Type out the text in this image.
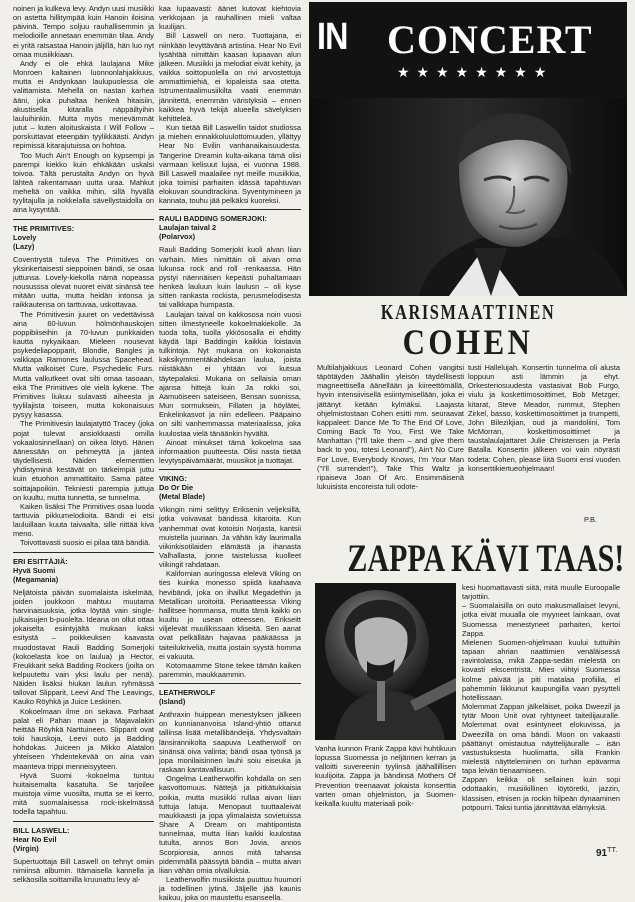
noinen ja kulkeva levy. Andyn uusi musiikki on astetta hillitympää kuin Hanoin iloisina päivinä. Tempo soljuu rauhallisemmin ja melodioille annetaan enemmän tilaa. Andy ei yritä ratsastaa Hanoin jäljillä, hän luo nyt omaa musiikkiaan.

Andy ei ole ehkä laulajana Mike Monroen kaltainen luonnonlahjakkuus, mutta ei Andynkaan laulupuolessa ole valittamista. Mehellä on nastan karhea ääni, joka puhaltaa henkeä hitaisiin, akustisella kitaralla näppäiltyihin lauluihinkin. Mutta myös menevämmät jutut – kuten aloituskaista I Will Follow – porskuttavat eteenpäin tyylikkäästi. Andyn repimissä kitarajutuissa on hohtoa.

Too Much Ain't Enough on kypsempi ja parempi kiekko kuin ehkäkään uskalsi toivoa. Tältä perustalta Andyn on hyvä lähteä rakentamaan uutta uraa. Mahkut meheltä on vaikka mihin, sillä hyvällä tyylitajulla ja nokkelalla sävellystaidolla on aina kysyntää.

THE PRIMITIVES:
Lovely
(Lazy)

Coventrystä tuleva The Primitives on yksinkertaisesti sieppoinen bändi, se osaa juttunsa. Lovely-kiekolla nämä nopeassa noususssa olevat nuoret eivät sinänsä tee mitään uutta, mutta heidän intonsa ja raikkautensa on tarttuvaa, uskottavaa.

The Primitivesin juuret on vedettävissä aina 60-luvun hölmönhauskojen poppibiiseihin ja 70-luvun punkkaiden kautta nykyaikaan. Mieleen nousevat psykedeliapopparit, Blondie, Bangles ja valkkapa Ramones laulussa Spacehead. Mutta valkoiset Cure, Psychedelic Furs. Mutta valkutkeet ovat silti omaa tasoaan, eikä The Primitives ole vielä kykene. The Primitives liukuu sulavasti aiheesta ja tyylilajista toiseen, mutta kokonaisuus pysyy kasassa.

The Primitivesin laulajatyttö Tracey (joka pojat tulevat ansiokkaasti omilla vokaalosinnellaan) on oikea lötyö. Hänen äänessään on pehmeyttä ja jänteä täydellisesti. Näiden elementtien yhdistyminä kestävät on tärkeimpiä juttu kuin etuohon ammattitaito. Sama pätee soittajapoikiin. Tekniesti parempia juttuja on kuultu, mutta tunnetta, se tunnelma.

Kaiken lisäksi The Primitives osaa luoda tarttuvia pikkumelodioita. Bändi ei etsi lauluillaan kuuta taivaalta, sille riittää kiva meno.

Toivottavasti suosio ei pilaa tätä bändiä.

ERI ESITTÄJIÄ:
Hyvä Suomi
(Megamania)

Neljätoista päivän suomalaista iskelmää, joiden joukkoon mahtuu muutama harvinaisuuksia, jotka löytää vain single-julkaisujen b-puolelta. Ideana on ollut ottaa jokaiselta esiintyjältä mukaan kaksi esitystä – poikkeuksen kaavasta muodostavat Rauli Badding Somerjoki (kokoelasta koe on laulua) ja Hector, Freukkarit sekä Badding Rockers (joilta on kelpuutettu vain yksi laulu per nenä). Näiden lisäksi hiukan laulun ryhmässä tallovat Slipparit, Leevi And The Leavings, Kauko Röyhkä ja Juice Leskinen.

Kokoelmaan ilme on sekava. Parhaat palat eli Pahan maan ja Majavalakin heittää Röyhkä Narttuineen. Slipparit ovat toki hauskoja, Leevi outo ja Badding hohdokas. Juiceen ja Mikko Alatalon yhteiseen Yhdentekevää on aina vain maanteva trippi menneisyyteen.

Hyvä Suomi -kokoelma tuntuu huitaisemalta kasatulta. Se tarjoilee muistoja viime vuosilta, mutta se ei kerro, mitä suomalaisessa rock-iskelmässä todella tapahtuu.

BILL LASWELL:
Hear No Evil
(Virgin)

Supertuottaja Bill Laswell on tehnyt omiin nimiinsä albumin. Itämaisella kannella ja selkäosilla soittamilla kruunattu levy al-

kaa lupaavasti: äänet kutovat kiehtovia verkkojaan ja rauhallinen mieli valtaa kuulijan.

Bill Laswell on nero. Tuottajana, ei niinkään levyttävänä artistina. Hear No Evil lysähtää nimittäin kaasan lupaavan alun jälkeen. Musiikki ja melodiat eivät kehity, ja vaikka soittopuolella on rivi arvostettuja ammattimiehiä, ei kipaleista saa otetta. Istrumentaalimusiikilta vaatii enemmän jännitettä, enemmän väristyksiä – ennen kaikkea hyvä tekijä alueella sävelyksen kehitteleä.

Kun tietää Bill Laswellin taidot studiossa ja miehen ennakkoluulottomuuden, yllättyy Hear No Evilin vanhanaikaisuudesta. Tangerine Dreamin kulta-aikana tämä olisi varmaan kelisuut lujaa, ei vuonna 1988. Bill Laswell maalailee nyt meille musiikkia, joka toimisi parhaiten idässä tapahtuvan elokuvan soundtrackina. Syventymineen ja kannata, touhu jää pelkäksi kuoreksi.

RAULI BADDING SOMERJOKI:
Laulajan taival 2
(Polarvox)

Rauli Badding Somerjoki kuoli alvan liian varhain. Mies nimittäin oli aivan oma lukunsa rock and roll -renkaassa. Hän pystyi näennäisen kepeästi puhaltamaan henkeä lauluun kuin laulusn – oli kyse sitten rankasta rockista, perusmelodisesta tai valkkapa humpasta.

Laulajan taival on kakkososa noin vuosi sitten ilmestyneelle kokoelmakiekolle. Ja tuoda tolta, tuolla ykkösosalla ei ehditty käydä läpi Baddingin kaikkia loistavia tulkintoja. Nyt mukana on kokonaista kaksikymmentäkahdeksan laulua, joista niistäkään ei yhtään voi kutsua täytepalaksi. Mukana on sellaisia oman ajansa hittejä kuin Ja rokki soi, Aamuöiseen sateiseen, Bensan suonissa, Mun sormuksein, Fillaten ja höylätei, Enkelinkasvot ja niin edelleen. Pääpaino on silti vanhemmassa materiaalissa, joka kuulostaa vielä tänäänkin hyvältä.

Ainoat minukset tämä kokoelma saa informaation puutteesta. Olisi nasta tietää levytyspäivämäärät, muusikot ja tuottajat.

VIKING:
Do Or Die
(Metal Blade)

Vikingin nimi selittyy Eriksenin veljeksillä, jotka voivavaat bändissä kitaroita. Kun vanhemmat ovat kotoisin Norjasta, kantsii muistella juuriaan. Ja vähän käy laurimalla viikinkisotilaiden elämästä ja ihanasta Valhallasta, jonne taistelussa kuolleet viikingit rahdataan.

Kalifornian auringossa elelevä Viking on ties kuinka monesso spiidä kaahaava hevibändi, joka on ihaillut Megadethin ja Metallican uroitoitä. Periaatteessa Viking hallitsee hommansa, mutta tämä kaikki on kuultu jo usean otteessen. Erikseitt viljelevät muulikissaan kliseitä. Sen aanat ovat pelkällään hajavaa pääkäässa ja taiteilukriveliä, mutta jostain syystä homma ei vakuuta.

Kotomaamme Stone tekee tämän kaiken paremmin, maukkaammin.

LEATHERWOLF
(Island)

Anthraxin huippean menestyksen jälkeen on kunniananvoisa Island-yhtiö ottanut tallinsa lisää metallibändeijä. Yhdysvaltain länsirannikolta saapuva Leatherwolf on sinänsä oiva valinta; bändi osaa työnsä ja jopa monilaisinnen lauhi soiu eiseuka ja raskaan kantavallisuun.

Ongelma Leatherwolfin kohdalla on sen kasvottomuus. Nättejä ja pitkätukkaisia poikia, mutta musiikki rullaa aivan liian tuttuja latuja. Menopaut tuuttaaleivät maukkaasti ja jopa ylimalaista sovietuissa Share A Dream on mahtipontista tunnelmaa, mutta liian kaikki kuulostaa tutulta, annos Bon Jovia, annos Scorpionsia, annos mitä tahansa pidemmällä päässytä bändiä – mutta aivan liian vähän omia olvalluksia.

Leatherwolfin musiikista puuttuu huumori ja todellinen jytinä. Jäljelle jää kaunis kaikuu, joka on maustettu esanseella.

IN CONCERT
★★★★★★★★
KARISMAATTINEN
COHEN

Multilahjakkuus Leonard Cohen vangitsi täpötäyden Jäähallin yleisön täydellisesti magneettisella äänellään ja kiireettömällä, hyvin intensiivisellä esiintymisellään, joka ei jättänyt ketään kylmäksi. Laajasta ohjelmistostaan Cohen esitti mm. seuraavat kappaleet: Dance Me To The End Of Love, Coming Back To You, First We Take Manhattan ("I'll take them – and give them back to you, totesi Leonard"), Ain't No Cure For Love, Everybody Knows, I'm Your Man ("I'll surrender!"), Take This Waltz ja ripaiseva Joan Of Arc. Ensimmäisenä lukuisista encoreista tuli odote-

tusti Hallelujah. Konsertin tunnelma oli alusta loppuun asti lämmin ja ehyt. Orkesteriosuudesta vastasivat Bob Furgo, viulu ja koskettimosoittimet, Bob Metzger, kitarat, Steve Meador, rummut, Stephen Zirkel, basso, koskettimosoittimet ja trumpetti, John Bilezikjian, oud ja mandoliini, Tom McMorran, koskettimosoittimet ja taustalaulajattaret Julie Christensen ja Perla Batalla. Konsertin jälkeen voi vain nöyrästi todeta: Cohen, please liitä Suomi ensi vuoden konserttikiertueohjelmaan!

P.B.
ZAPPA KÄVI TAAS!

Vanha kunnon Frank Zappa kävi huhtikuun lopussa Suomessa jo neljännen kerran ja valloitti suvereenin tyylinsä jäähallillisen kuulijoita. Zappa ja bändinsä Mothers Of Prevention treenaavat jokaista konserttia varten oman ohjelmiston, ja Suomen-keikalla kuultu materiaali poik-

kesi huomattavasti siitä, mitä muulle Euroopalle tarjottiin.
– Suomalaisilla on outo makusmallaiset levyni, jotka eivät muualla ole myyneet lainkaan, ovat Suomessa menestyneet parhaiten, kertoi Zappa.
Mielenen Suomen-ohjelmaan kuului tuttuihin tapaan ahrian naattimien venäläisessä ravintolassa, mikä Zappa-sedän mielestä on kovasti ekscentristä. Mies viihtyi Suomessa kolme päivää ja piti matalaa profiilia, el pahemmin liikkunut kaupungilla vaan pysytteli hotellissaan.
Molemmat Zappan jälkeläiset, poika Dweezil ja tytär Moon Unit ovat ryhtyneet taiteilijauralle. Molemmat ovat esiintyneet elokuvissa, ja Dweezillä on oma bändi. Moon on vakaasti päättänyt omistautua näyttelijäuralle – isän vastustuksesta huolimatta, sillä Frankin mielestä näytteleminen on turhan epävarma tapa leivän tienaamiseen.
Zappan keikka oli sellainen kuin sopi odottaakin, musiikillinen löytöretki, jazzin, klassisen, etnisen ja rockin hilpeän dynaaminen potpourri. Taksi tuntia jännittävää elämyksiä.

TT.
91
